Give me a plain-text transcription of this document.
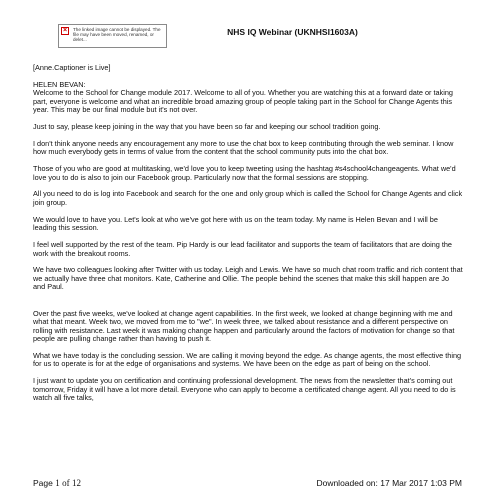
×	The linked image cannot be displayed. The file may have been moved, renamed, or delet...
NHS IQ Webinar (UKNHSI1603A)

[Anne.Captioner is Live]

HELEN BEVAN:

Welcome to the School for Change module 2017. Welcome to all of you. Whether you are watching this at a forward date or taking part, everyone is welcome and what an incredible broad amazing group of people taking part in the School for Change Agents this year. This may be our final module but it's not over.

Just to say, please keep joining in the way that you have been so far and keeping our school tradition going.

I don't think anyone needs any encouragement any more to use the chat box to keep contributing through the web seminar. I know how much everybody gets in terms of value from the content that the school community puts into the chat box.

Those of you who are good at multitasking, we'd love you to keep tweeting using the hashtag #s4school4changeagents. What we'd love you to do is also to join our Facebook group. Particularly now that the formal sessions are stopping.

All you need to do is log into Facebook and search for the one and only group which is called the School for Change Agents and click join group.

We would love to have you. Let's look at who we've got here with us on the team today. My name is Helen Bevan and I will be leading this session.

I feel well supported by the rest of the team. Pip Hardy is our lead facilitator and supports the team of facilitators that are doing the work with the breakout rooms.

We have two colleagues looking after Twitter with us today. Leigh and Lewis. We have so much chat room traffic and rich content that we actually have three chat monitors. Kate, Catherine and Ollie. The people behind the scenes that make this skill happen are Jo and Paul.

Over the past five weeks, we've looked at change agent capabilities. In the first week, we looked at change beginning with me and what that meant. Week two, we moved from me to "we". In week three, we talked about resistance and a different perspective on rolling with resistance. Last week it was making change happen and particularly around the factors of motivation for change so that people are pulling change rather than having to push it.

What we have today is the concluding session. We are calling it moving beyond the edge. As change agents, the most effective thing for us to operate is for at the edge of organisations and systems. We have been on the edge as part of being on the school.

I just want to update you on certification and continuing professional development. The news from the newsletter that's coming out tomorrow, Friday it will have a lot more detail. Everyone who can apply to become a certificated change agent. All you need to do is watch all five talks,

Page 1 of 12	Downloaded on: 17 Mar 2017 1:03 PM
